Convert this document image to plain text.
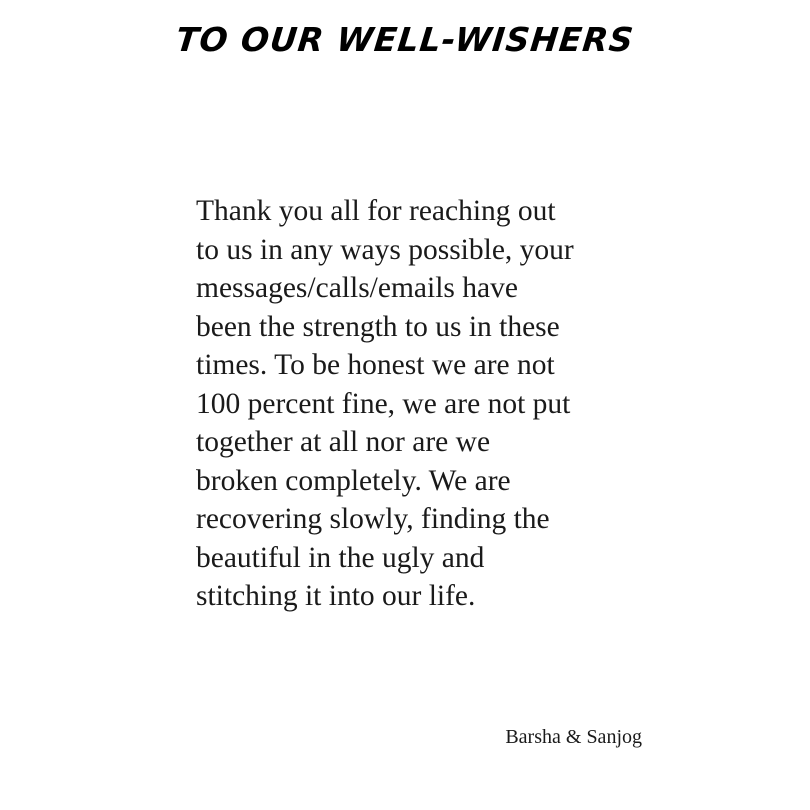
TO OUR WELL-WISHERS

Thank you all for reaching out
to us in any ways possible, your
messages/calls/emails have
been the strength to us in these
times. To be honest we are not
100 percent fine, we are not put
together at all nor are we
broken completely. We are
recovering slowly, finding the
beautiful in the ugly and
stitching it into our life.

Barsha & Sanjog
